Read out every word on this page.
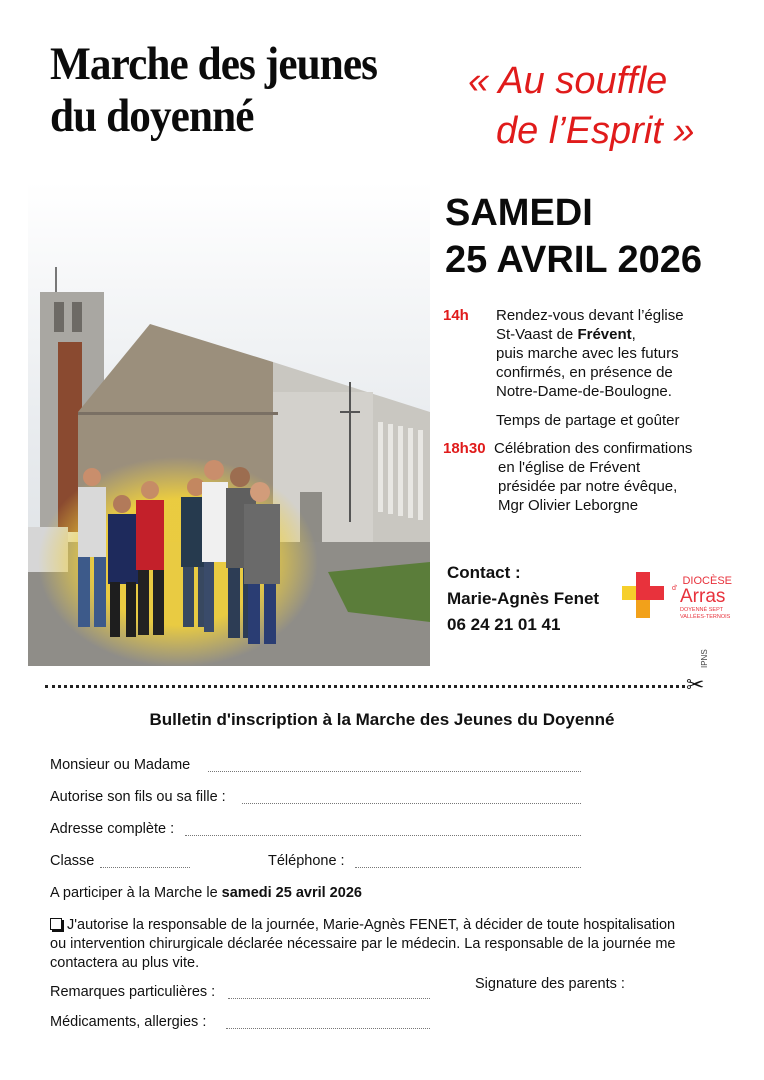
Marche des jeunes
du doyenné
« Au souffle
de l’Esprit »
SAMEDI
25 AVRIL 2026
14h Rendez-vous devant l’église
St-Vaast de Frévent,
puis marche avec les futurs
confirmés, en présence de
Notre-Dame-de-Boulogne.
Temps de partage et goûter
18h30 Célébration des confirmations
en l'église de Frévent
présidée par notre évêque,
Mgr Olivier Leborgne
Contact :
Marie-Agnès Fenet
06 24 21 01 41
DIOCÈSE
d' Arras
DOYENNÉ SEPT
VALLÉES-TERNOIS
IPNS
✂
Bulletin d'inscription à la Marche des Jeunes du Doyenné
Monsieur ou Madame
Autorise son fils ou sa fille :
Adresse complète :
Classe	Téléphone :
A participer à la Marche le samedi 25 avril 2026
J'autorise la responsable de la journée, Marie-Agnès FENET, à décider de toute hospitalisation
ou intervention chirurgicale déclarée nécessaire par le médecin. La responsable de la journée me
contactera au plus vite.
Remarques particulières :	Signature des parents :
Médicaments, allergies :
